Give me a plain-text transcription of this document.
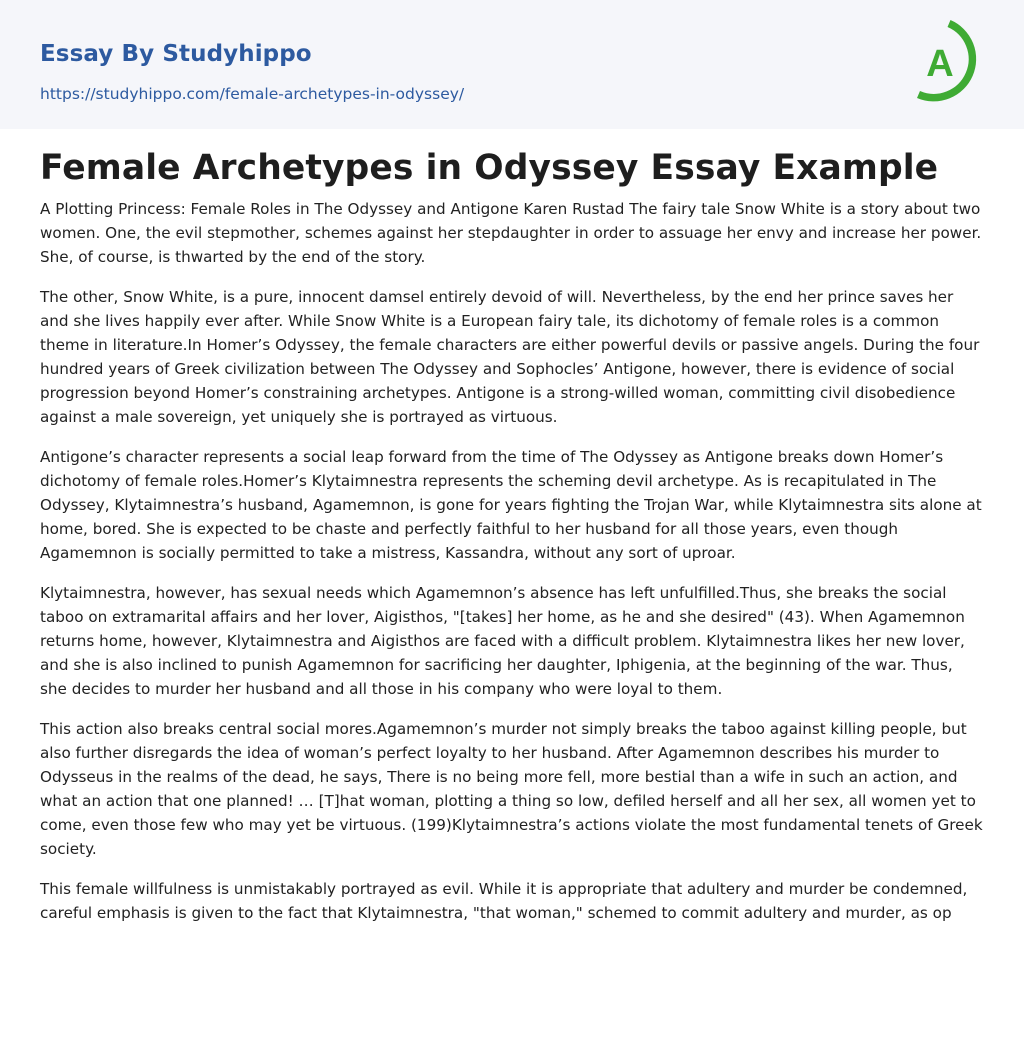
Essay By Studyhippo
https://studyhippo.com/female-archetypes-in-odyssey/
A
Female Archetypes in Odyssey Essay Example

A Plotting Princess: Female Roles in The Odyssey and Antigone Karen Rustad The fairy tale Snow White is a story about two women. One, the evil stepmother, schemes against her stepdaughter in order to assuage her envy and increase her power. She, of course, is thwarted by the end of the story.

The other, Snow White, is a pure, innocent damsel entirely devoid of will. Nevertheless, by the end her prince saves her and she lives happily ever after. While Snow White is a European fairy tale, its dichotomy of female roles is a common theme in literature.In Homer’s Odyssey, the female characters are either powerful devils or passive angels. During the four hundred years of Greek civilization between The Odyssey and Sophocles’ Antigone, however, there is evidence of social progression beyond Homer’s constraining archetypes. Antigone is a strong-willed woman, committing civil disobedience against a male sovereign, yet uniquely she is portrayed as virtuous.

Antigone’s character represents a social leap forward from the time of The Odyssey as Antigone breaks down Homer’s dichotomy of female roles.Homer’s Klytaimnestra represents the scheming devil archetype. As is recapitulated in The Odyssey, Klytaimnestra’s husband, Agamemnon, is gone for years fighting the Trojan War, while Klytaimnestra sits alone at home, bored. She is expected to be chaste and perfectly faithful to her husband for all those years, even though Agamemnon is socially permitted to take a mistress, Kassandra, without any sort of uproar.

Klytaimnestra, however, has sexual needs which Agamemnon’s absence has left unfulfilled.Thus, she breaks the social taboo on extramarital affairs and her lover, Aigisthos, "[takes] her home, as he and she desired" (43). When Agamemnon returns home, however, Klytaimnestra and Aigisthos are faced with a difficult problem. Klytaimnestra likes her new lover, and she is also inclined to punish Agamemnon for sacrificing her daughter, Iphigenia, at the beginning of the war. Thus, she decides to murder her husband and all those in his company who were loyal to them.

This action also breaks central social mores.Agamemnon’s murder not simply breaks the taboo against killing people, but also further disregards the idea of woman’s perfect loyalty to her husband. After Agamemnon describes his murder to Odysseus in the realms of the dead, he says, There is no being more fell, more bestial than a wife in such an action, and what an action that one planned! … [T]hat woman, plotting a thing so low, defiled herself and all her sex, all women yet to come, even those few who may yet be virtuous. (199)Klytaimnestra’s actions violate the most fundamental tenets of Greek society.

This female willfulness is unmistakably portrayed as evil. While it is appropriate that adultery and murder be condemned, careful emphasis is given to the fact that Klytaimnestra, "that woman," schemed to commit adultery and murder, as op
